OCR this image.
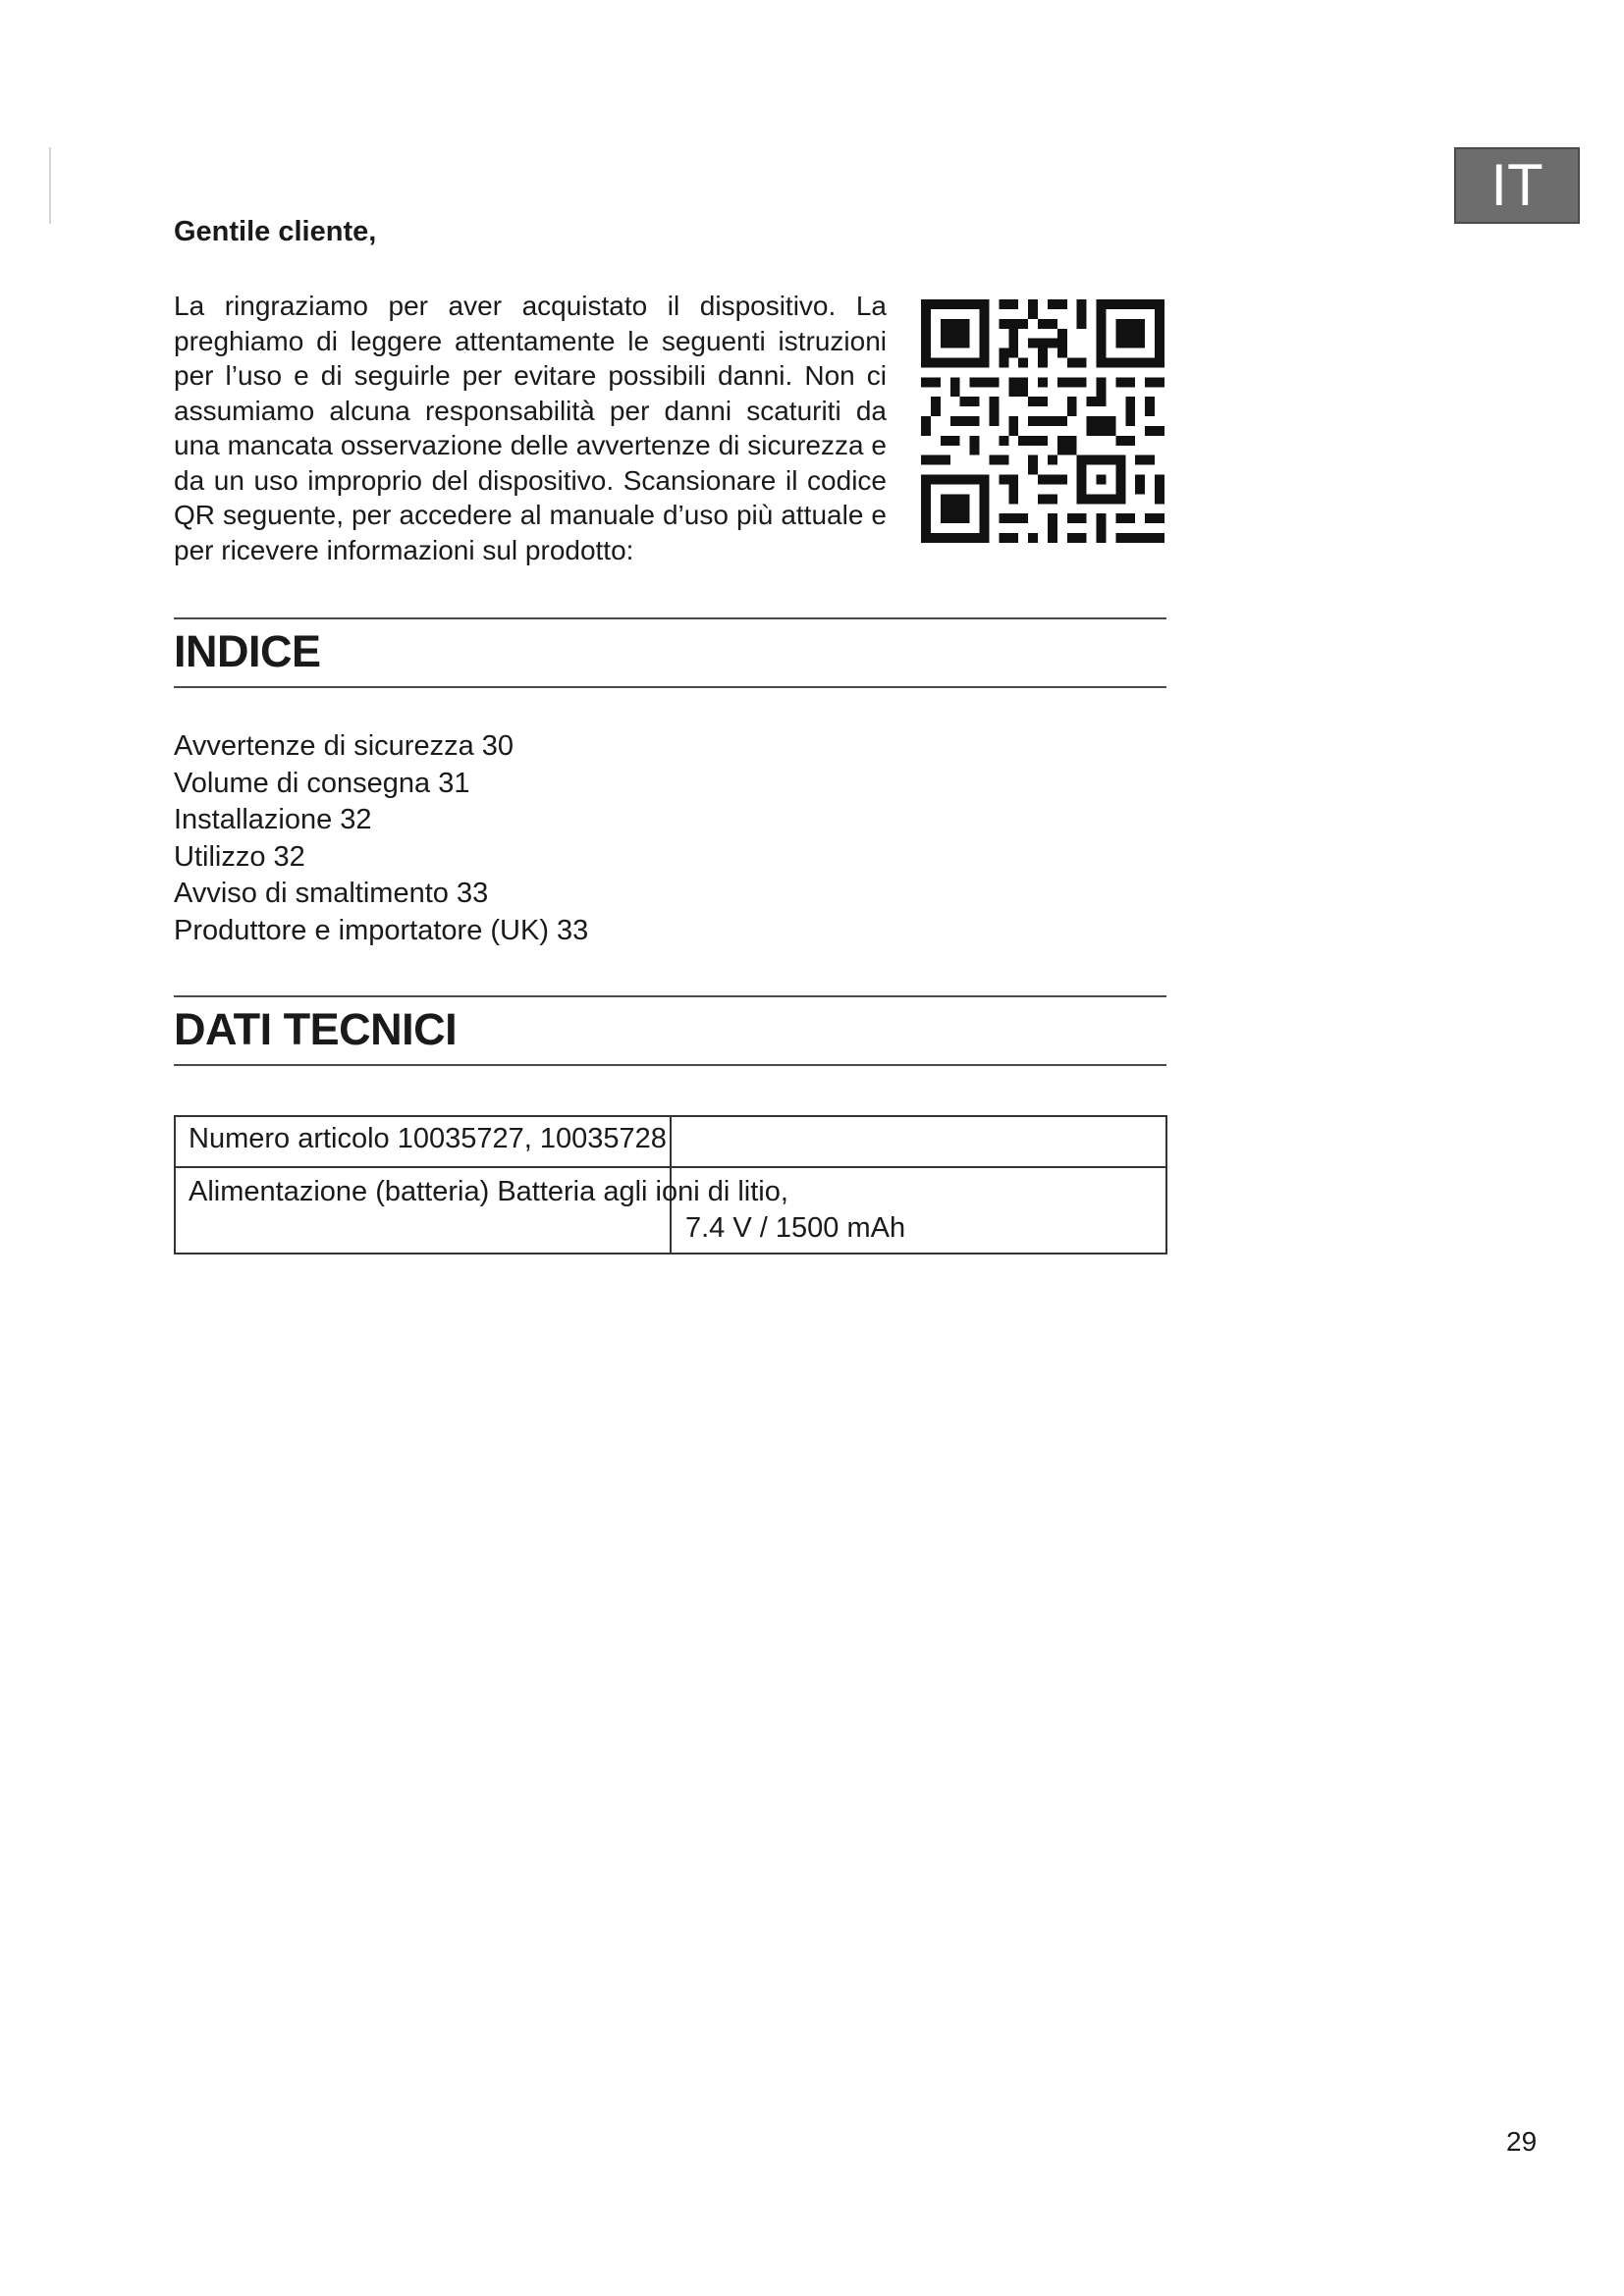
IT
Gentile cliente,
La ringraziamo per aver acquistato il dispositivo. La preghiamo di leggere attentamente le seguenti istruzioni per l’uso e di seguirle per evitare possibili danni. Non ci assumiamo alcuna responsabilità per danni scaturiti da una mancata osservazione delle avvertenze di sicurezza e da un uso improprio del dispositivo. Scansionare il codice QR seguente, per accedere al manuale d’uso più attuale e per ricevere informazioni sul prodotto:
INDICE
Avvertenze di sicurezza 30
Volume di consegna 31
Installazione 32
Utilizzo 32
Avviso di smaltimento 33
Produttore e importatore (UK) 33
DATI TECNICI
Numero articolo 10035727, 10035728	

Alimentazione (batteria) Batteria agli ioni di litio,	7.4 V / 1500 mAh
29
